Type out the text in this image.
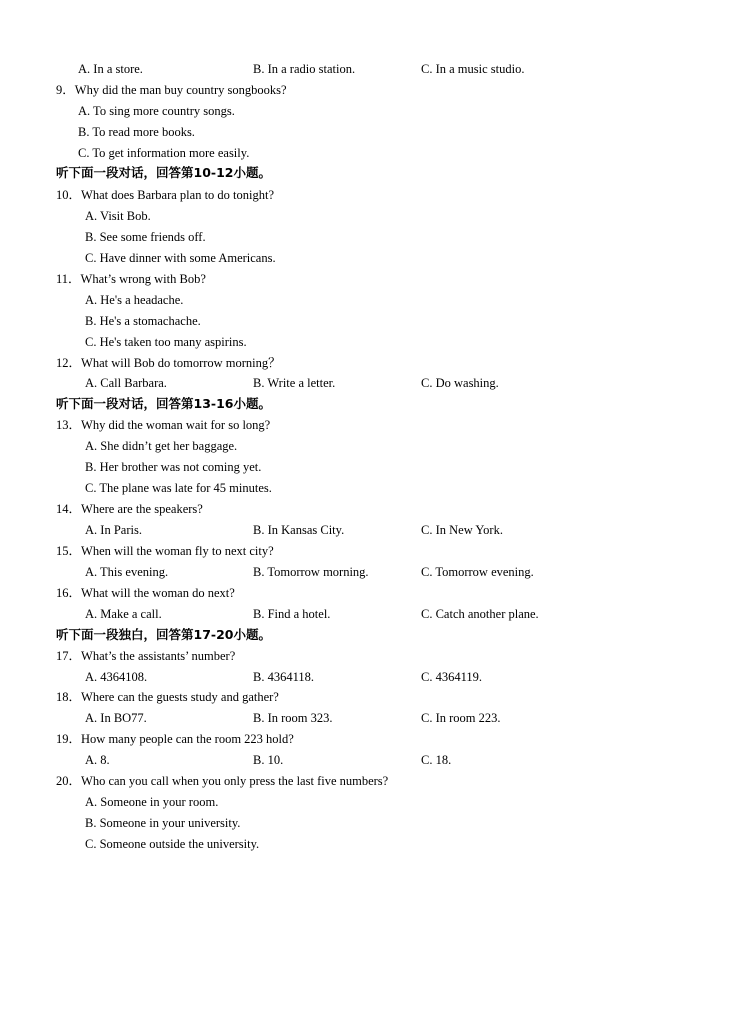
A. In a store.	B. In a radio station.	C. In a music studio.
9．Why did the man buy country songbooks?
A. To sing more country songs.
B. To read more books.
C. To get information more easily.
听下面一段对话，回答第10-12小题。
10．What does Barbara plan to do tonight?
A. Visit Bob.
B. See some friends off.
C. Have dinner with some Americans.
11．What’s wrong with Bob?
A. He's a headache.
B. He's a stomachache.
C. He's taken too many aspirins.
12．What will Bob do tomorrow morning？
A. Call Barbara.	B. Write a letter.	C. Do washing.
听下面一段对话，回答第13-16小题。
13．Why did the woman wait for so long?
A. She didn’t get her baggage.
B. Her brother was not coming yet.
C. The plane was late for 45 minutes.
14．Where are the speakers?
A. In Paris.	B. In Kansas City.	C. In New York.
15．When will the woman fly to next city?
A. This evening.	B. Tomorrow morning.	C. Tomorrow evening.
16．What will the woman do next?
A. Make a call.	B. Find a hotel.	C. Catch another plane.
听下面一段独白，回答第17-20小题。
17．What’s the assistants’ number?
A. 4364108.	B. 4364118.	C. 4364119.
18．Where can the guests study and gather?
A. In BO77.	B. In room 323.	C. In room 223.
19．How many people can the room 223 hold?
A. 8.	B. 10.	C. 18.
20．Who can you call when you only press the last five numbers?
A. Someone in your room.
B. Someone in your university.
C. Someone outside the university.
